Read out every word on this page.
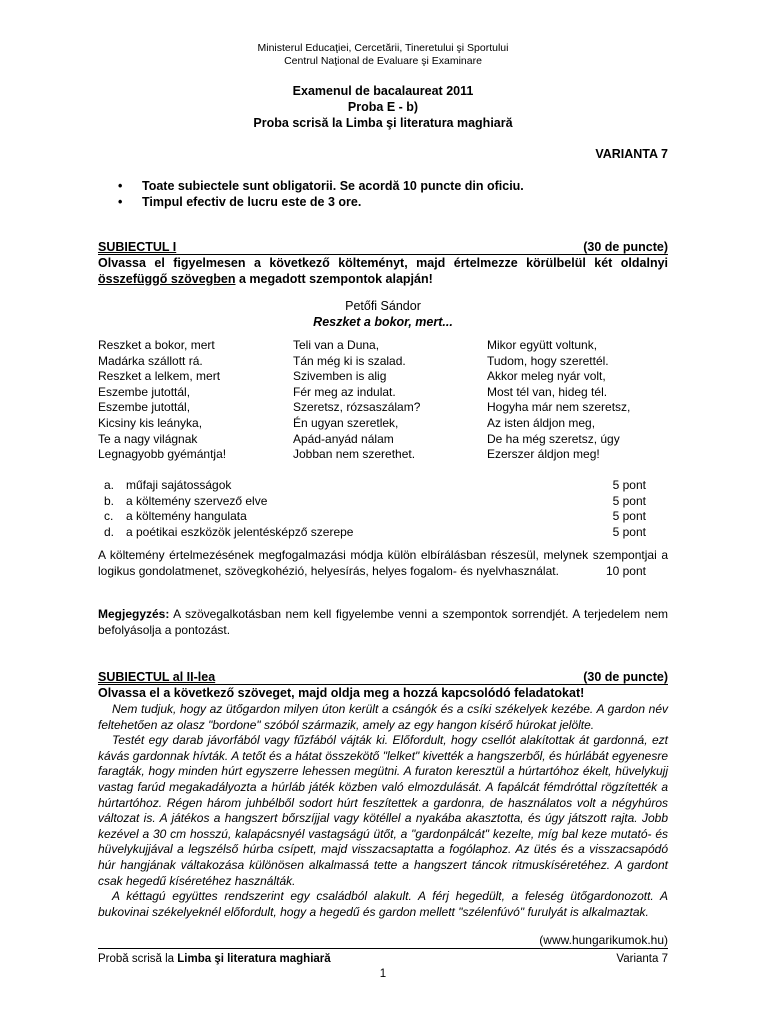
Ministerul Educaţiei, Cercetării, Tineretului şi Sportului
Centrul Naţional de Evaluare şi Examinare
Examenul de bacalaureat 2011
Proba E - b)
Proba scrisă la Limba şi literatura maghiară
VARIANTA 7
•	Toate subiectele sunt obligatorii. Se acordă 10 puncte din oficiu.
•	Timpul efectiv de lucru este de 3 ore.
SUBIECTUL I	(30 de puncte)
Olvassa el figyelmesen a következő költeményt, majd értelmezze körülbelül két oldalnyi összefüggő szövegben a megadott szempontok alapján!
Petőfi Sándor
Reszket a bokor, mert...
Reszket a bokor, mert
Madárka szállott rá.
Reszket a lelkem, mert
Eszembe jutottál,
Eszembe jutottál,
Kicsiny kis leányka,
Te a nagy világnak
Legnagyobb gyémántja!
Teli van a Duna,
Tán még ki is szalad.
Szivemben is alig
Fér meg az indulat.
Szeretsz, rózsaszálam?
Én ugyan szeretlek,
Apád-anyád nálam
Jobban nem szerethet.
Mikor együtt voltunk,
Tudom, hogy szerettél.
Akkor meleg nyár volt,
Most tél van, hideg tél.
Hogyha már nem szeretsz,
Az isten áldjon meg,
De ha még szeretsz, úgy
Ezerszer áldjon meg!
a. műfaji sajátosságok	5 pont
b. a költemény szervező elve	5 pont
c.	a költemény hangulata	5 pont
d. a poétikai eszközök jelentésképző szerepe	5 pont
A költemény értelmezésének megfogalmazási módja külön elbírálásban részesül, melynek szempontjai a logikus gondolatmenet, szövegkohézió, helyesírás, helyes fogalom- és nyelvhasználat.	10 pont
Megjegyzés: A szövegalkotásban nem kell figyelembe venni a szempontok sorrendjét. A terjedelem nem befolyásolja a pontozást.
SUBIECTUL al II-lea	(30 de puncte)
Olvassa el a következő szöveget, majd oldja meg a hozzá kapcsolódó feladatokat!

Nem tudjuk, hogy az ütőgardon milyen úton került a csángók és a csíki székelyek kezébe. A gardon név feltehetően az olasz "bordone" szóból származik, amely az egy hangon kísérő húrokat jelölte.

Testét egy darab jávorfából vagy fűzfából vájták ki. Előfordult, hogy csellót alakítottak át gardonná, ezt kávás gardonnak hívták. A tetőt és a hátat összekötő "lelket" kivették a hangszerből, és húrlábát egyenesre faragták, hogy minden húrt egyszerre lehessen megütni. A furaton keresztül a húrtartóhoz ékelt, hüvelykujj vastag farúd megakadályozta a húrláb játék közben való elmozdulását. A fapálcát fémdróttal rögzítették a húrtartóhoz. Régen három juhbélből sodort húrt feszítettek a gardonra, de használatos volt a négyhúros változat is. A játékos a hangszert bőrszíjjal vagy kötéllel a nyakába akasztotta, és úgy játszott rajta. Jobb kezével a 30 cm hosszú, kalapácsnyél vastagságú ütőt, a "gardonpálcát" kezelte, míg bal keze mutató- és hüvelykujjával a legszélső húrba csípett, majd visszacsaptatta a fogólaphoz. Az ütés és a visszacsapódó húr hangjának váltakozása különösen alkalmassá tette a hangszert táncok ritmuskíséretéhez. A gardont csak hegedű kíséretéhez használták.

A kéttagú együttes rendszerint egy családból alakult. A férj hegedült, a feleség ütőgardonozott. A bukovinai székelyeknél előfordult, hogy a hegedű és gardon mellett "szélenfúvó" furulyát is alkalmaztak.

(www.hungarikumok.hu)
Probă scrisă la Limba şi literatura maghiară	Varianta 7
1
